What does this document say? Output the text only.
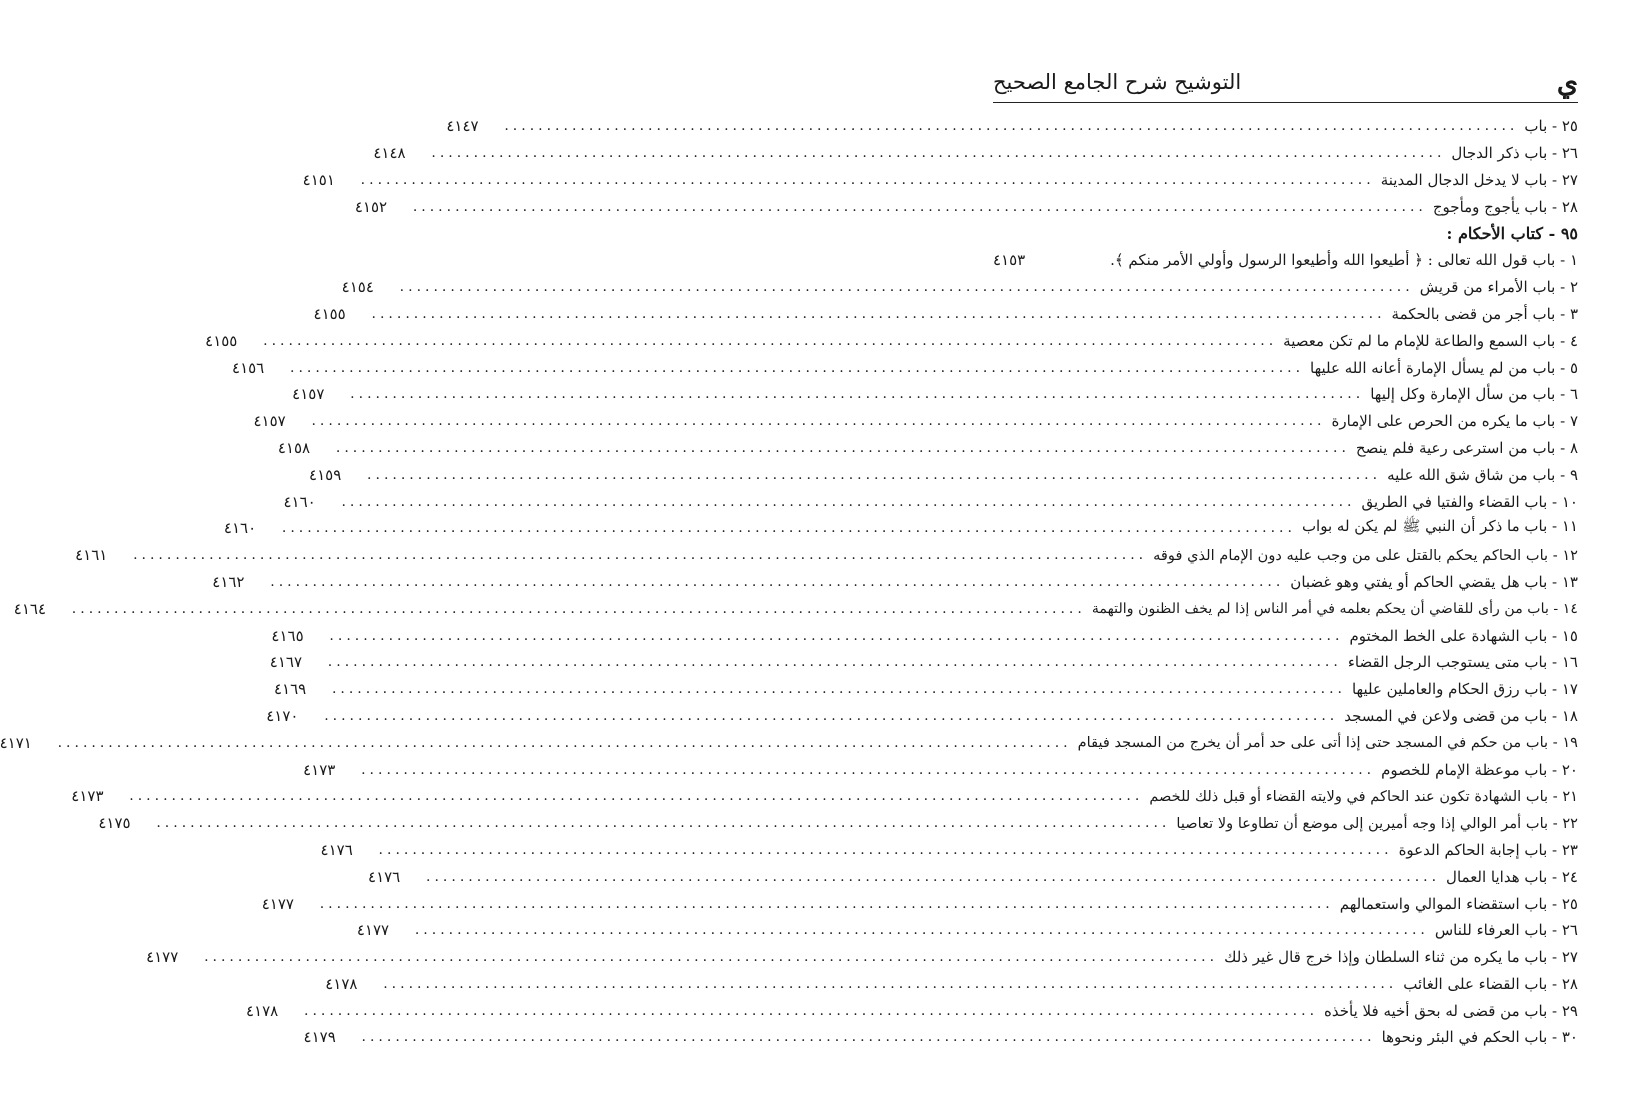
ي
التوشيح شرح الجامع الصحيح
٢٥ - باب
........................................................................................................................
٤١٤٧
٢٦ - باب ذكر الدجال
........................................................................................................................
٤١٤٨
٢٧ - باب لا يدخل الدجال المدينة
........................................................................................................................
٤١٥١
٢٨ - باب يأجوج ومأجوج
........................................................................................................................
٤١٥٢
٩٥ - كتاب الأحكام :
١ - باب قول الله تعالى : ﴿ أطيعوا الله وأطيعوا الرسول وأولي الأمر منكم ﴾.
٤١٥٣
٢ - باب الأمراء من قريش
........................................................................................................................
٤١٥٤
٣ - باب أجر من قضى بالحكمة
........................................................................................................................
٤١٥٥
٤ - باب السمع والطاعة للإمام ما لم تكن معصية
........................................................................................................................
٤١٥٥
٥ - باب من لم يسأل الإمارة أعانه الله عليها
........................................................................................................................
٤١٥٦
٦ - باب من سأل الإمارة وكل إليها
........................................................................................................................
٤١٥٧
٧ - باب ما يكره من الحرص على الإمارة
........................................................................................................................
٤١٥٧
٨ - باب من استرعى رعية فلم ينصح
........................................................................................................................
٤١٥٨
٩ - باب من شاق شق الله عليه
........................................................................................................................
٤١٥٩
١٠ - باب القضاء والفتيا في الطريق
........................................................................................................................
٤١٦٠
١١ - باب ما ذكر أن النبي ﷺ لم يكن له بواب
........................................................................................................................
٤١٦٠
١٢ - باب الحاكم يحكم بالقتل على من وجب عليه دون الإمام الذي فوقه
........................................................................................................................
٤١٦١
١٣ - باب هل يقضي الحاكم أو يفتي وهو غضبان
........................................................................................................................
٤١٦٢
١٤ - باب من رأى للقاضي أن يحكم بعلمه في أمر الناس إذا لم يخف الظنون والتهمة
........................................................................................................................
٤١٦٤
١٥ - باب الشهادة على الخط المختوم
........................................................................................................................
٤١٦٥
١٦ - باب متى يستوجب الرجل القضاء
........................................................................................................................
٤١٦٧
١٧ - باب رزق الحكام والعاملين عليها
........................................................................................................................
٤١٦٩
١٨ - باب من قضى ولاعن في المسجد
........................................................................................................................
٤١٧٠
١٩ - باب من حكم في المسجد حتى إذا أتى على حد أمر أن يخرج من المسجد فيقام
........................................................................................................................
٤١٧١
٢٠ - باب موعظة الإمام للخصوم
........................................................................................................................
٤١٧٣
٢١ - باب الشهادة تكون عند الحاكم في ولايته القضاء أو قبل ذلك للخصم
........................................................................................................................
٤١٧٣
٢٢ - باب أمر الوالي إذا وجه أميرين إلى موضع أن تطاوعا ولا تعاصيا
........................................................................................................................
٤١٧٥
٢٣ - باب إجابة الحاكم الدعوة
........................................................................................................................
٤١٧٦
٢٤ - باب هدايا العمال
........................................................................................................................
٤١٧٦
٢٥ - باب استقضاء الموالي واستعمالهم
........................................................................................................................
٤١٧٧
٢٦ - باب العرفاء للناس
........................................................................................................................
٤١٧٧
٢٧ - باب ما يكره من ثناء السلطان وإذا خرج قال غير ذلك
........................................................................................................................
٤١٧٧
٢٨ - باب القضاء على الغائب
........................................................................................................................
٤١٧٨
٢٩ - باب من قضى له بحق أخيه فلا يأخذه
........................................................................................................................
٤١٧٨
٣٠ - باب الحكم في البئر ونحوها
........................................................................................................................
٤١٧٩
